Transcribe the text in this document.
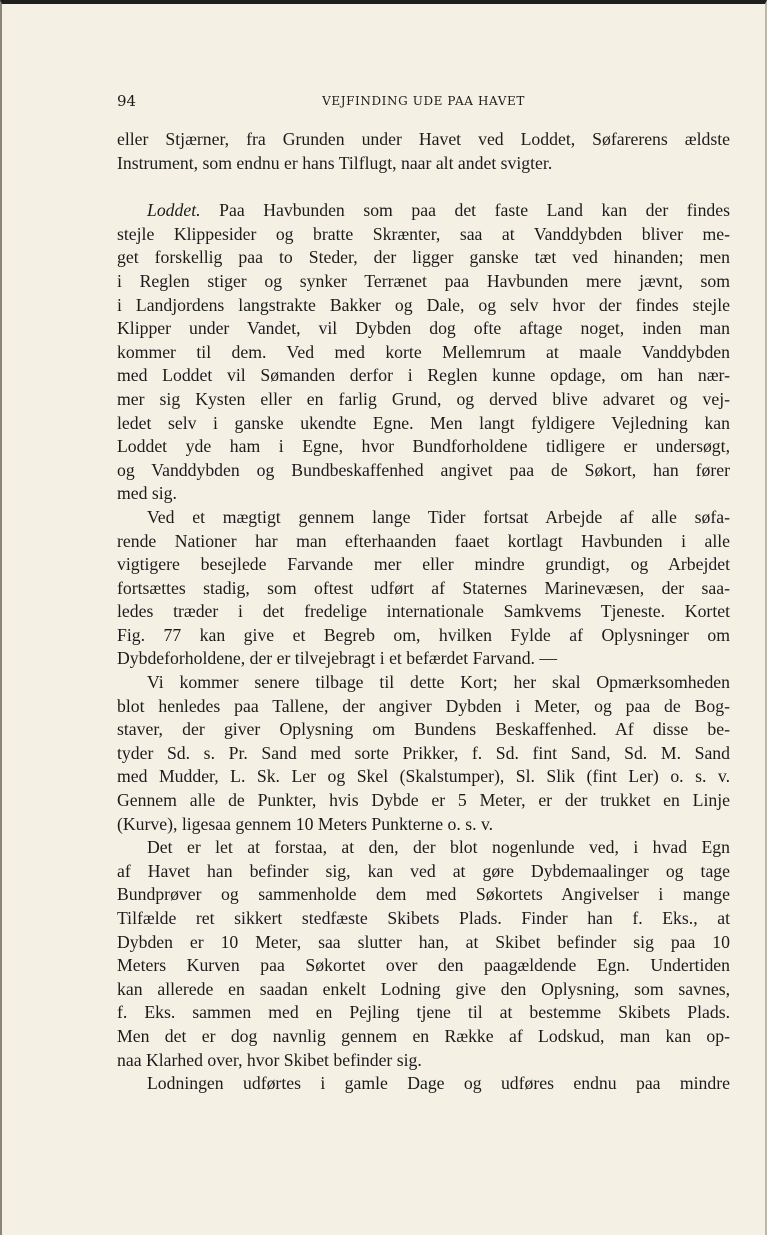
94	VEJFINDING UDE PAA HAVET
eller Stjærner, fra Grunden under Havet ved Loddet, Søfarerens ældste
Instrument, som endnu er hans Tilflugt, naar alt andet svigter.
Loddet. Paa Havbunden som paa det faste Land kan der findes
stejle Klippesider og bratte Skrænter, saa at Vanddybden bliver me-
get forskellig paa to Steder, der ligger ganske tæt ved hinanden; men
i Reglen stiger og synker Terrænet paa Havbunden mere jævnt, som
i Landjordens langstrakte Bakker og Dale, og selv hvor der findes stejle
Klipper under Vandet, vil Dybden dog ofte aftage noget, inden man
kommer til dem. Ved med korte Mellemrum at maale Vanddybden
med Loddet vil Sømanden derfor i Reglen kunne opdage, om han nær-
mer sig Kysten eller en farlig Grund, og derved blive advaret og vej-
ledet selv i ganske ukendte Egne. Men langt fyldigere Vejledning kan
Loddet yde ham i Egne, hvor Bundforholdene tidligere er undersøgt,
og Vanddybden og Bundbeskaffenhed angivet paa de Søkort, han fører
med sig.
Ved et mægtigt gennem lange Tider fortsat Arbejde af alle søfa-
rende Nationer har man efterhaanden faaet kortlagt Havbunden i alle
vigtigere besejlede Farvande mer eller mindre grundigt, og Arbejdet
fortsættes stadig, som oftest udført af Staternes Marinevæsen, der saa-
ledes træder i det fredelige internationale Samkvems Tjeneste. Kortet
Fig. 77 kan give et Begreb om, hvilken Fylde af Oplysninger om
Dybdeforholdene, der er tilvejebragt i et befærdet Farvand. —
Vi kommer senere tilbage til dette Kort; her skal Opmærksomheden
blot henledes paa Tallene, der angiver Dybden i Meter, og paa de Bog-
staver, der giver Oplysning om Bundens Beskaffenhed. Af disse be-
tyder Sd. s. Pr. Sand med sorte Prikker, f. Sd. fint Sand, Sd. M. Sand
med Mudder, L. Sk. Ler og Skel (Skalstumper), Sl. Slik (fint Ler) o. s. v.
Gennem alle de Punkter, hvis Dybde er 5 Meter, er der trukket en Linje
(Kurve), ligesaa gennem 10 Meters Punkterne o. s. v.
Det er let at forstaa, at den, der blot nogenlunde ved, i hvad Egn
af Havet han befinder sig, kan ved at gøre Dybdemaalinger og tage
Bundprøver og sammenholde dem med Søkortets Angivelser i mange
Tilfælde ret sikkert stedfæste Skibets Plads. Finder han f. Eks., at
Dybden er 10 Meter, saa slutter han, at Skibet befinder sig paa 10
Meters Kurven paa Søkortet over den paagældende Egn. Undertiden
kan allerede en saadan enkelt Lodning give den Oplysning, som savnes,
f. Eks. sammen med en Pejling tjene til at bestemme Skibets Plads.
Men det er dog navnlig gennem en Række af Lodskud, man kan op-
naa Klarhed over, hvor Skibet befinder sig.
Lodningen udførtes i gamle Dage og udføres endnu paa mindre
